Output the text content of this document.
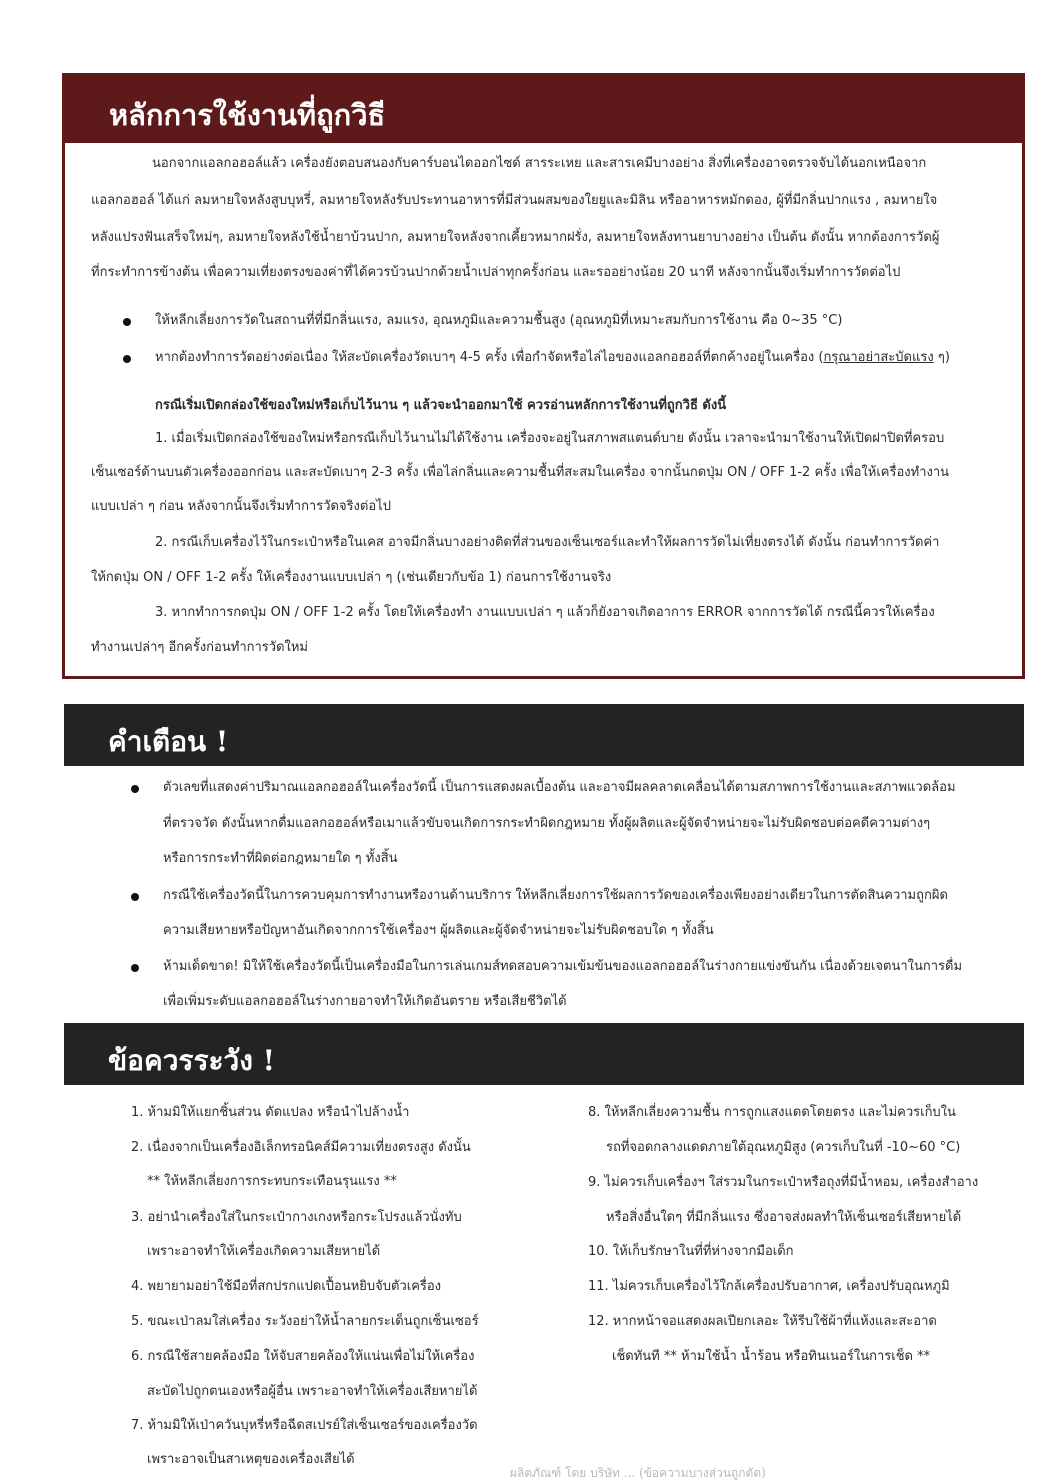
หลักการใช้งานที่ถูกวิธี
นอกจากแอลกอฮอล์แล้ว เครื่องยังตอบสนองกับคาร์บอนไดออกไซด์ สารระเหย และสารเคมีบางอย่าง สิ่งที่เครื่องอาจตรวจจับได้นอกเหนือจาก
แอลกอฮอล์ ได้แก่ ลมหายใจหลังสูบบุหรี่, ลมหายใจหลังรับประทานอาหารที่มีส่วนผสมของใยยูและมิลิน หรืออาหารหมักดอง, ผู้ที่มีกลิ่นปากแรง , ลมหายใจ
หลังแปรงฟันเสร็จใหม่ๆ, ลมหายใจหลังใช้น้ำยาบ้วนปาก, ลมหายใจหลังจากเคี้ยวหมากฝรั่ง, ลมหายใจหลังทานยาบางอย่าง เป็นต้น ดังนั้น หากต้องการวัดผู้
ที่กระทำการข้างต้น เพื่อความเที่ยงตรงของค่าที่ได้ควรบ้วนปากด้วยน้ำเปล่าทุกครั้งก่อน และรออย่างน้อย 20 นาที หลังจากนั้นจึงเริ่มทำการวัดต่อไป
ให้หลีกเลี่ยงการวัดในสถานที่ที่มีกลิ่นแรง, ลมแรง, อุณหภูมิและความชื้นสูง (อุณหภูมิที่เหมาะสมกับการใช้งาน คือ 0~35 °C)
หากต้องทำการวัดอย่างต่อเนื่อง ให้สะบัดเครื่องวัดเบาๆ 4-5 ครั้ง เพื่อกำจัดหรือไล่ไอของแอลกอฮอล์ที่ตกค้างอยู่ในเครื่อง (กรุณาอย่าสะบัดแรง ๆ)
กรณีเริ่มเปิดกล่องใช้ของใหม่หรือเก็บไว้นาน ๆ แล้วจะนำออกมาใช้ ควรอ่านหลักการใช้งานที่ถูกวิธี ดังนี้
1. เมื่อเริ่มเปิดกล่องใช้ของใหม่หรือกรณีเก็บไว้นานไม่ได้ใช้งาน เครื่องจะอยู่ในสภาพสแตนด์บาย ดังนั้น เวลาจะนำมาใช้งานให้เปิดฝาปิดที่ครอบ
เซ็นเซอร์ด้านบนตัวเครื่องออกก่อน และสะบัดเบาๆ 2-3 ครั้ง เพื่อไล่กลิ่นและความชื้นที่สะสมในเครื่อง จากนั้นกดปุ่ม ON / OFF 1-2 ครั้ง เพื่อให้เครื่องทำงาน
แบบเปล่า ๆ ก่อน หลังจากนั้นจึงเริ่มทำการวัดจริงต่อไป
2. กรณีเก็บเครื่องไว้ในกระเป๋าหรือในเคส อาจมีกลิ่นบางอย่างติดที่ส่วนของเซ็นเซอร์และทำให้ผลการวัดไม่เที่ยงตรงได้ ดังนั้น ก่อนทำการวัดค่า
ให้กดปุ่ม ON / OFF 1-2 ครั้ง ให้เครื่องงานแบบเปล่า ๆ (เช่นเดียวกับข้อ 1) ก่อนการใช้งานจริง
3. หากทำการกดปุ่ม ON / OFF 1-2 ครั้ง โดยให้เครื่องทำ งานแบบเปล่า ๆ แล้วก็ยังอาจเกิดอาการ ERROR จากการวัดได้ กรณีนี้ควรให้เครื่อง
ทำงานเปล่าๆ อีกครั้งก่อนทำการวัดใหม่
คำเตือน !
ตัวเลขที่แสดงค่าปริมาณแอลกอฮอล์ในเครื่องวัดนี้ เป็นการแสดงผลเบื้องต้น และอาจมีผลคลาดเคลื่อนได้ตามสภาพการใช้งานและสภาพแวดล้อม
ที่ตรวจวัด ดังนั้นหากดื่มแอลกอฮอล์หรือเมาแล้วขับจนเกิดการกระทำผิดกฎหมาย ทั้งผู้ผลิตและผู้จัดจำหน่ายจะไม่รับผิดชอบต่อคดีความต่างๆ
หรือการกระทำที่ผิดต่อกฎหมายใด ๆ ทั้งสิ้น
กรณีใช้เครื่องวัดนี้ในการควบคุมการทำงานหรืองานด้านบริการ ให้หลีกเลี่ยงการใช้ผลการวัดของเครื่องเพียงอย่างเดียวในการตัดสินความถูกผิด
ความเสียหายหรือปัญหาอันเกิดจากการใช้เครื่องฯ ผู้ผลิตและผู้จัดจำหน่ายจะไม่รับผิดชอบใด ๆ ทั้งสิ้น
ห้ามเด็ดขาด! มิให้ใช้เครื่องวัดนี้เป็นเครื่องมือในการเล่นเกมส์ทดสอบความเข้มข้นของแอลกอฮอล์ในร่างกายแข่งขันกัน เนื่องด้วยเจตนาในการดื่ม
เพื่อเพิ่มระดับแอลกอฮอล์ในร่างกายอาจทำให้เกิดอันตราย หรือเสียชีวิตได้
ข้อควรระวัง !
1. ห้ามมิให้แยกชิ้นส่วน ดัดแปลง หรือนำไปล้างน้ำ
2. เนื่องจากเป็นเครื่องอิเล็กทรอนิคส์มีความเที่ยงตรงสูง ดังนั้น
** ให้หลีกเลี่ยงการกระทบกระเทือนรุนแรง **
3. อย่านำเครื่องใส่ในกระเป๋ากางเกงหรือกระโปรงแล้วนั่งทับ
เพราะอาจทำให้เครื่องเกิดความเสียหายได้
4. พยายามอย่าใช้มือที่สกปรกแปดเปื้อนหยิบจับตัวเครื่อง
5. ขณะเป่าลมใส่เครื่อง ระวังอย่าให้น้ำลายกระเด็นถูกเซ็นเซอร์
6. กรณีใช้สายคล้องมือ ให้จับสายคล้องให้แน่นเพื่อไม่ให้เครื่อง
สะบัดไปถูกตนเองหรือผู้อื่น เพราะอาจทำให้เครื่องเสียหายได้
7. ห้ามมิให้เป่าควันบุหรี่หรือฉีดสเปรย์ใส่เซ็นเซอร์ของเครื่องวัด
เพราะอาจเป็นสาเหตุของเครื่องเสียได้
8. ให้หลีกเลี่ยงความชื้น การถูกแสงแดดโดยตรง และไม่ควรเก็บใน
รถที่จอดกลางแดดภายใต้อุณหภูมิสูง (ควรเก็บในที่ -10~60 °C)
9. ไม่ควรเก็บเครื่องฯ ใส่รวมในกระเป๋าหรือถุงที่มีน้ำหอม, เครื่องสำอาง
หรือสิ่งอื่นใดๆ ที่มีกลิ่นแรง ซึ่งอาจส่งผลทำให้เซ็นเซอร์เสียหายได้
10. ให้เก็บรักษาในที่ที่ห่างจากมือเด็ก
11. ไม่ควรเก็บเครื่องไว้ใกล้เครื่องปรับอากาศ, เครื่องปรับอุณหภูมิ
12. หากหน้าจอแสดงผลเปียกเลอะ ให้รีบใช้ผ้าที่แห้งและสะอาด
เช็ดทันที ** ห้ามใช้น้ำ น้ำร้อน หรือทินเนอร์ในการเช็ด **
ผลิตภัณฑ์ โดย บริษัท ... (ข้อความบางส่วนถูกตัด)
